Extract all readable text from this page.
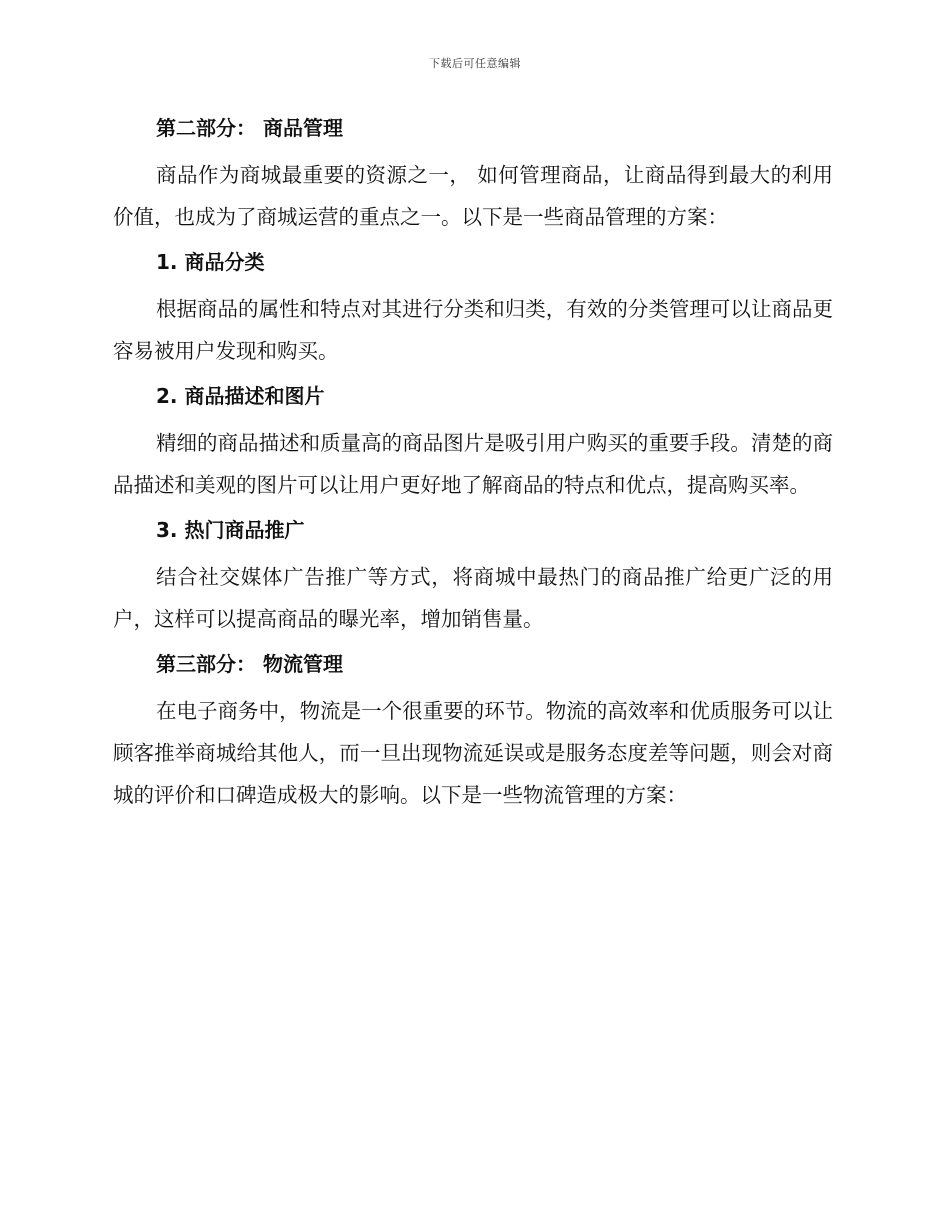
下载后可任意编辑
第二部分： 商品管理

商品作为商城最重要的资源之一， 如何管理商品，让商品得到最大的利用价值，也成为了商城运营的重点之一。以下是一些商品管理的方案：

1. 商品分类

根据商品的属性和特点对其进行分类和归类，有效的分类管理可以让商品更容易被用户发现和购买。

2. 商品描述和图片

精细的商品描述和质量高的商品图片是吸引用户购买的重要手段。清楚的商品描述和美观的图片可以让用户更好地了解商品的特点和优点，提高购买率。

3. 热门商品推广

结合社交媒体广告推广等方式，将商城中最热门的商品推广给更广泛的用户，这样可以提高商品的曝光率，增加销售量。

第三部分： 物流管理

在电子商务中，物流是一个很重要的环节。物流的高效率和优质服务可以让顾客推举商城给其他人，而一旦出现物流延误或是服务态度差等问题，则会对商城的评价和口碑造成极大的影响。以下是一些物流管理的方案：
